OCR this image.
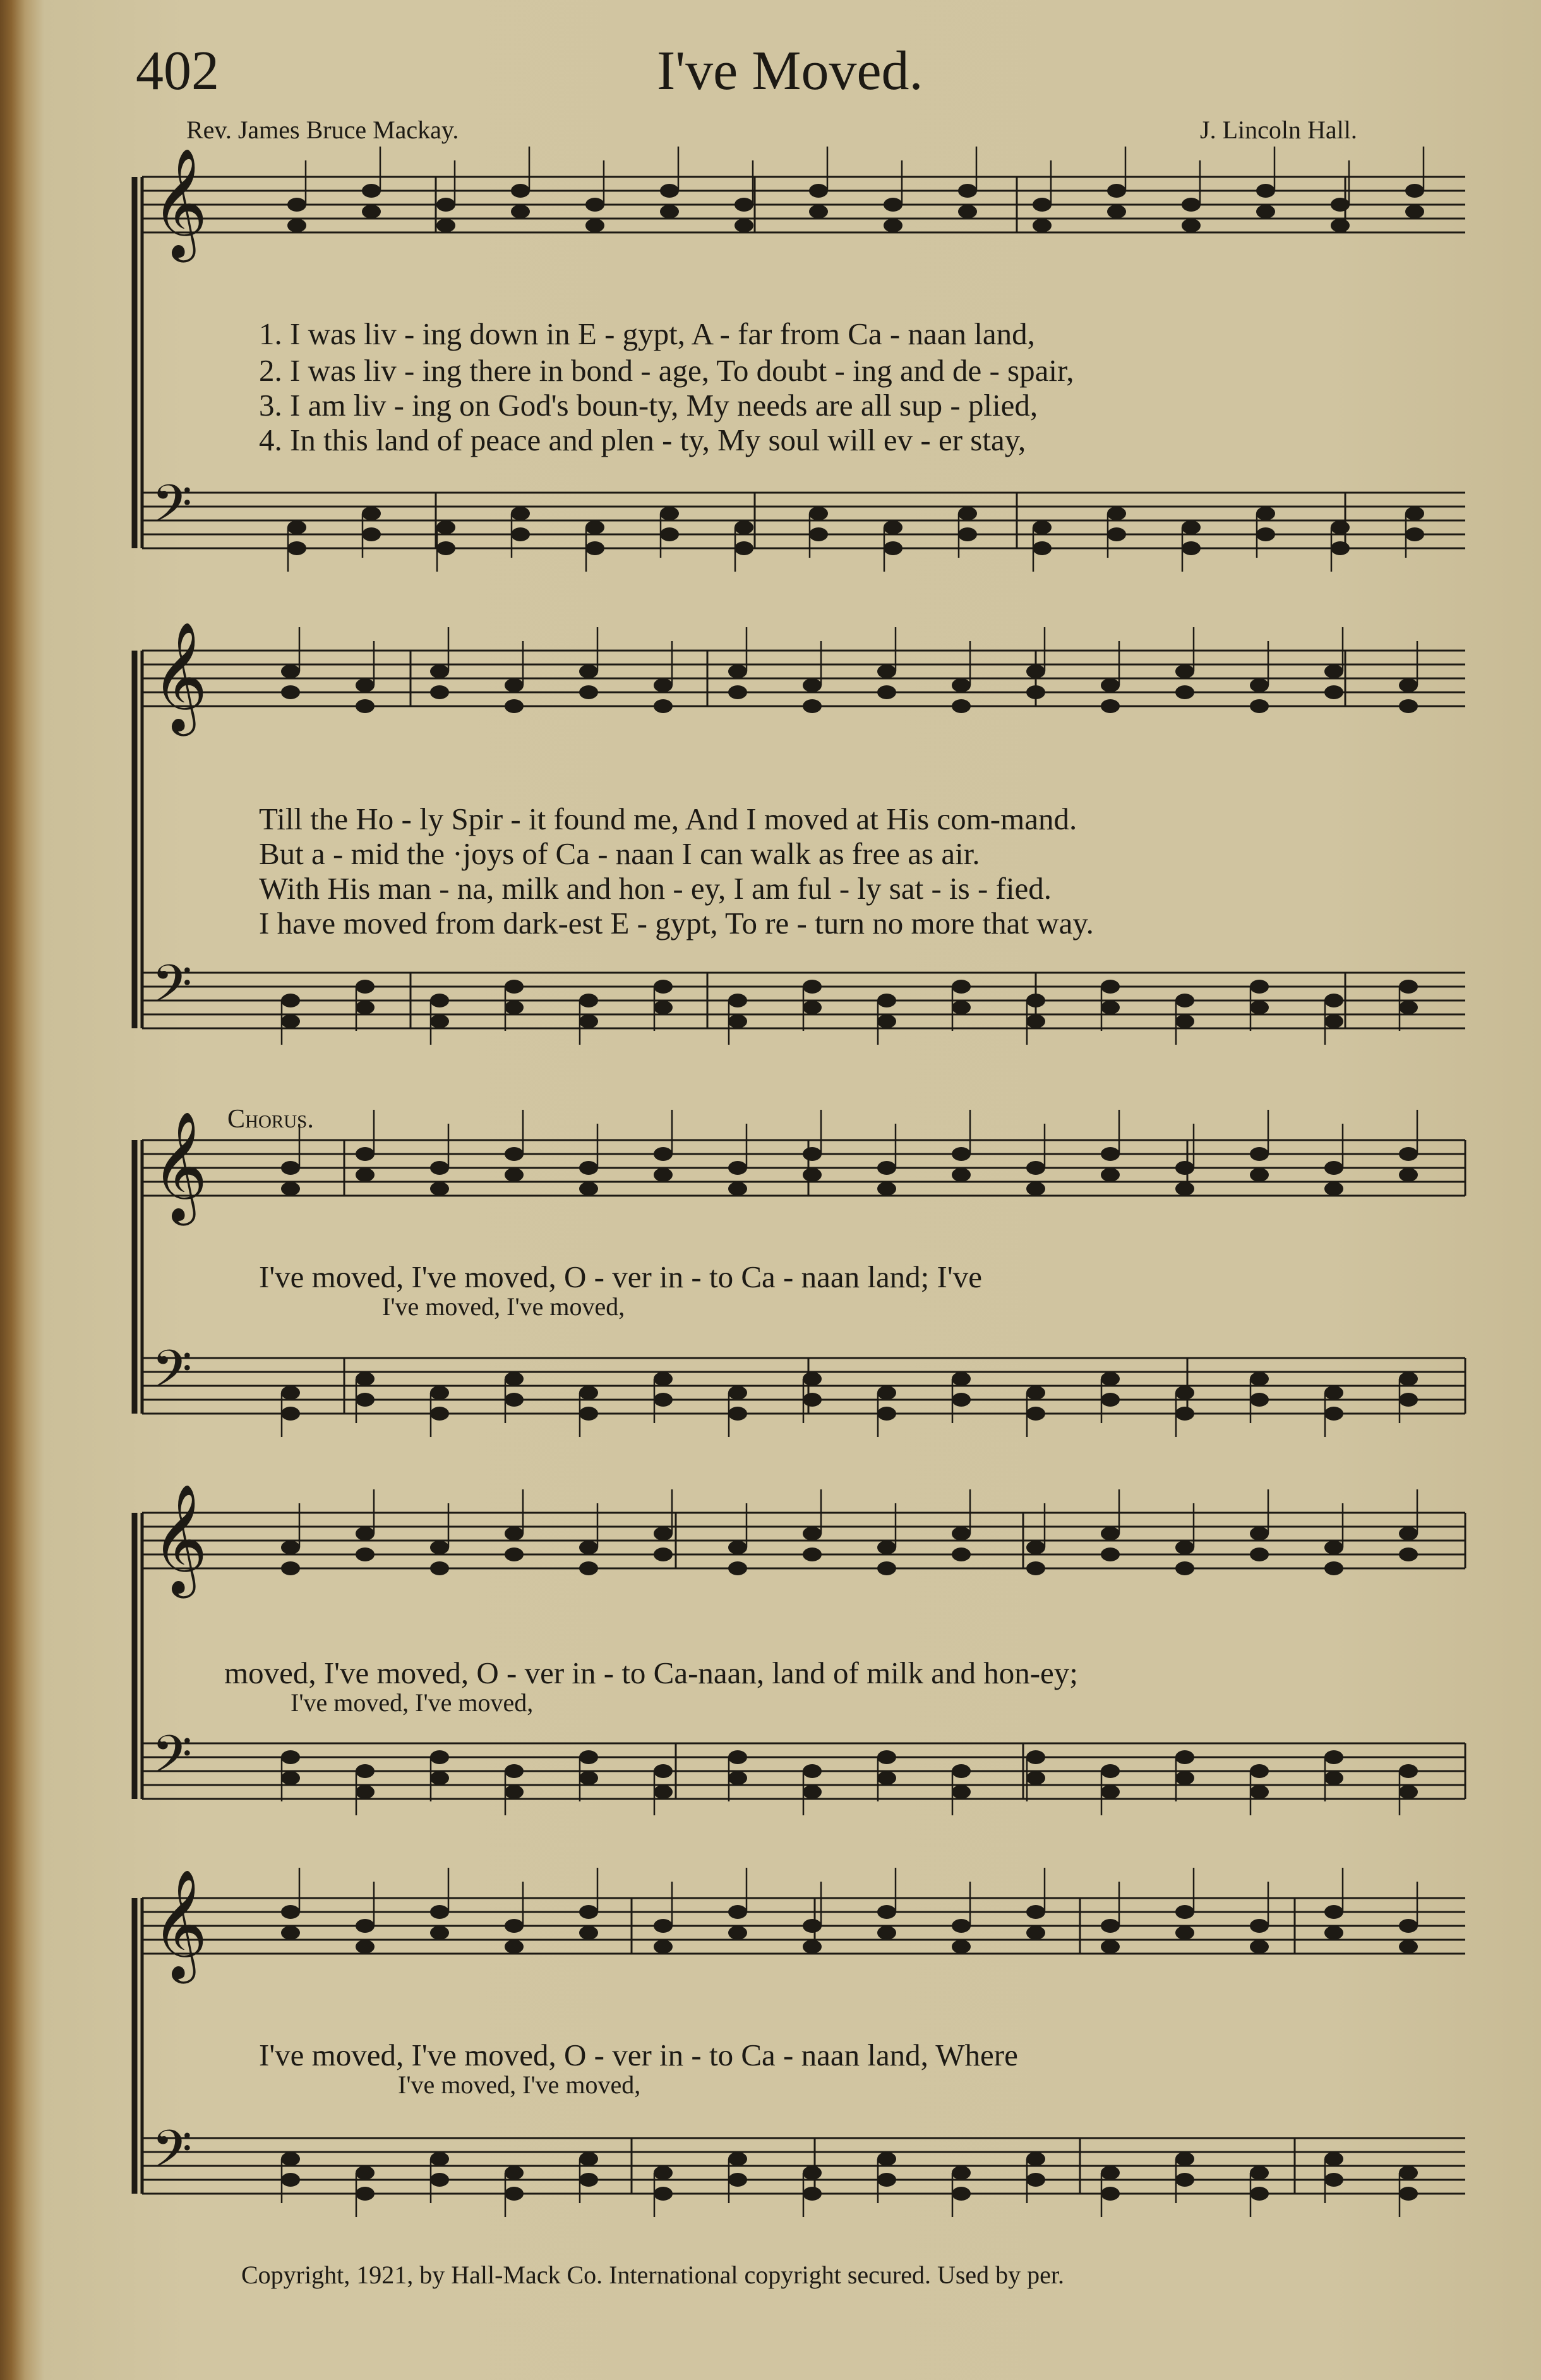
402	I've Moved.
Rev. James Bruce Mackay.	J. Lincoln Hall.
𝄞
𝄢
𝄞
𝄢
𝄞
𝄢
𝄞
𝄢
𝄞
𝄢
1. I was liv - ing down in E - gypt, A - far from Ca - naan land,
2. I was liv - ing there in bond - age, To doubt - ing and de - spair,
3. I am liv - ing on God's boun-ty, My needs are all sup - plied,
4. In this land of peace and plen - ty, My soul will ev - er stay,
Till the Ho - ly Spir - it found me, And I moved at His com-mand.
But a - mid the ·joys of Ca - naan I can walk as free as air.
With His man - na, milk and hon - ey, I am ful - ly sat - is - fied.
I have moved from dark-est E - gypt, To re - turn no more that way.
Chorus.
I've moved, I've moved, O - ver in - to Ca - naan land; I've
I've moved, I've moved,
moved, I've moved, O - ver in - to Ca-naan, land of milk and hon-ey;
I've moved, I've moved,
I've moved, I've moved, O - ver in - to Ca - naan land, Where
I've moved, I've moved,
Copyright, 1921, by Hall-Mack Co. International copyright secured. Used by per.
